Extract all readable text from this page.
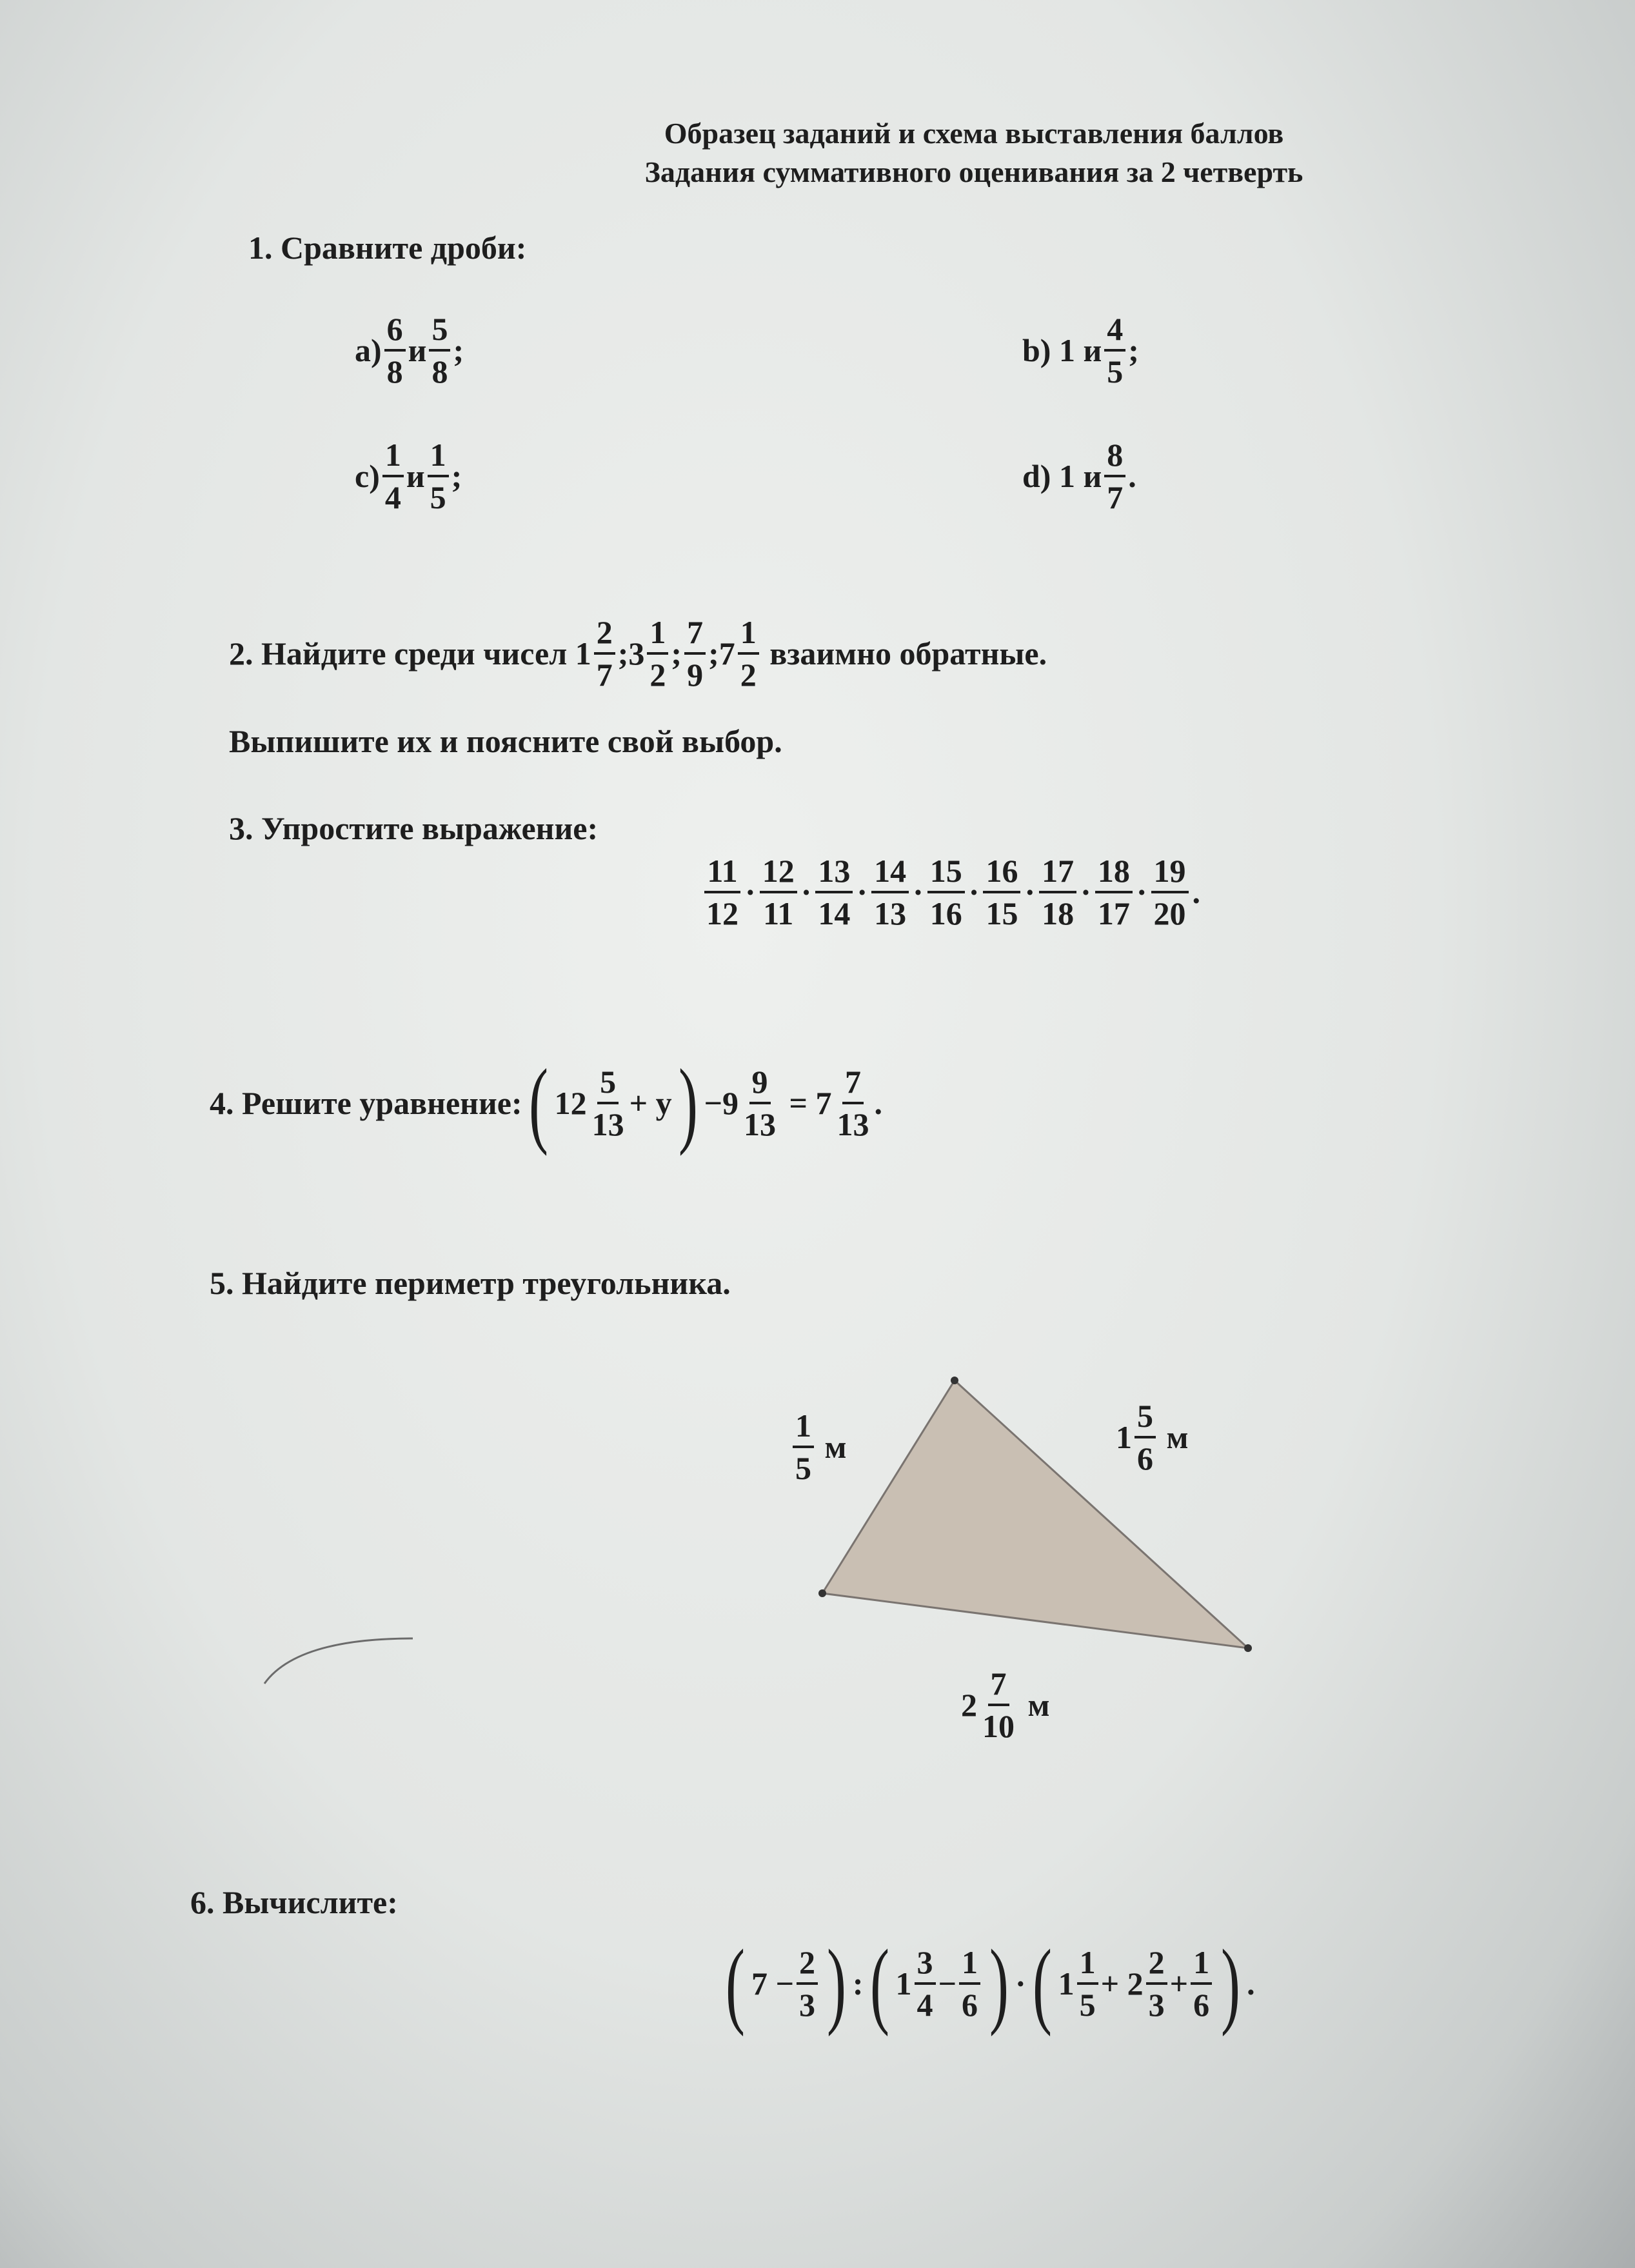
Образец заданий и схема выставления баллов
Задания суммативного оценивания за 2 четверть
1. Сравните дроби:
$a) \frac{6}{8}$ и $\frac{5}{8}$ ;	b) 1
и $\frac{4}{5}$ ;
$c) \frac{1}{4}$ и $\frac{1}{5}$ ;	d) 1
и $\frac{8}{7}$ .
2. Найдите среди чисел
$1 \frac{2}{7}$ ; $3 \frac{1}{2}$ ; $\frac{7}{9}$ ; $7 \frac{1}{2}$
взаимно обратные.
Выпишите их и поясните свой выбор.
3. Упростите выражение:
$\frac{11}{12} \cdot \frac{12}{11} \cdot \frac{13}{14} \cdot \frac{14}{13} \cdot \frac{15}{16} \cdot \frac{16}{15} \cdot \frac{17}{18} \cdot \frac{18}{17} \cdot \frac{19}{20}$ .
4. Решите уравнение: ( $12 \frac{5}{13} + y$ ) $-9 \frac{9}{13}$
= $7 \frac{7}{13}$ .
5. Найдите периметр треугольника.
$\frac{1}{5}$
м	$1 \frac{5}{6}$
м
$2 \frac{7}{10}$
м
6. Вычислите:
( $7 - \frac{2}{3}$ ) : ( $1 \frac{3}{4} - \frac{1}{6}$ ) · ( $1 \frac{1}{5} + 2 \frac{2}{3} + \frac{1}{6}$ ) .
